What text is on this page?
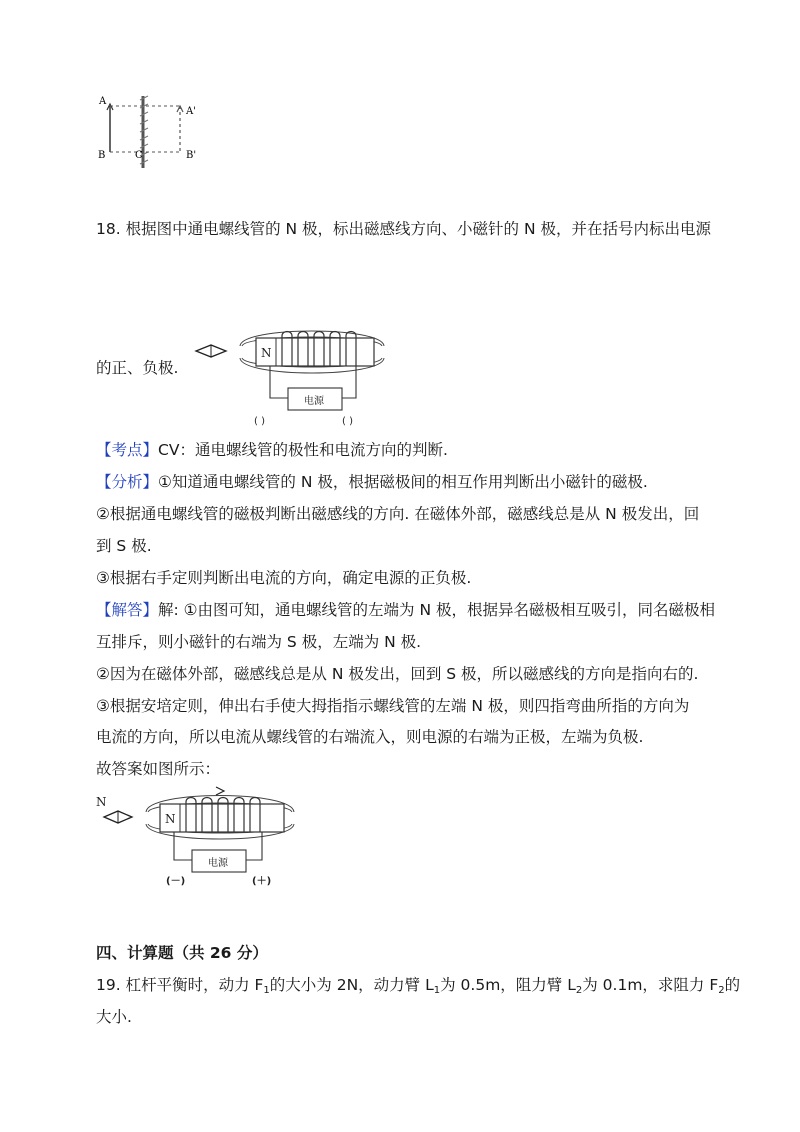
A
B
A'
B'
C
18. 根据图中通电螺线管的 N 极，标出磁感线方向、小磁针的 N 极，并在括号内标出电源
的正、负极.
N
电源
( )	( )
【考点】CV：通电螺线管的极性和电流方向的判断.
【分析】①知道通电螺线管的 N 极，根据磁极间的相互作用判断出小磁针的磁极.
②根据通电螺线管的磁极判断出磁感线的方向. 在磁体外部，磁感线总是从 N 极发出，回
到 S 极.
③根据右手定则判断出电流的方向，确定电源的正负极.
【解答】解: ①由图可知，通电螺线管的左端为 N 极，根据异名磁极相互吸引，同名磁极相
互排斥，则小磁针的右端为 S 极，左端为 N 极.
②因为在磁体外部，磁感线总是从 N 极发出，回到 S 极，所以磁感线的方向是指向右的.
③根据安培定则，伸出右手使大拇指指示螺线管的左端 N 极，则四指弯曲所指的方向为
电流的方向，所以电流从螺线管的右端流入，则电源的右端为正极，左端为负极.
故答案如图所示：
N
N
电源
(－)	(＋)
四、计算题（共 26 分）
19. 杠杆平衡时，动力 $F_1$的大小为 2N，动力臂 $L_1$为 0.5m，阻力臂 $L_2$为 0.1m，求阻力 $F_2$的
大小.
